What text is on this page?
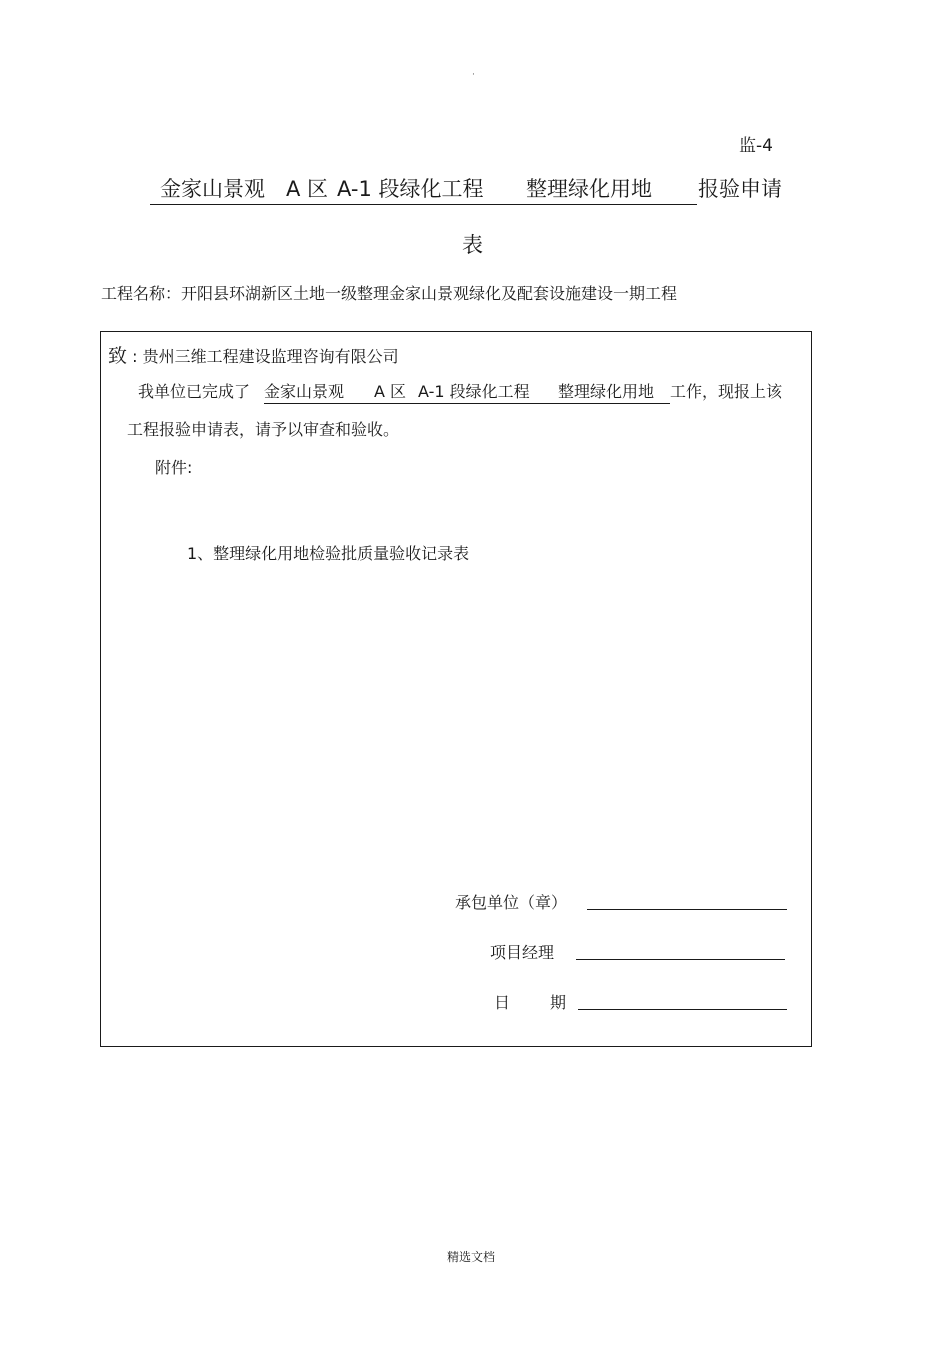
·
监-4
金家山景观 A 区 A-1 段绿化工程 整理绿化用地 报验申请
表
工程名称：开阳县环湖新区土地一级整理金家山景观绿化及配套设施建设一期工程
致 : 贵州三维工程建设监理咨询有限公司
我单位已完成了 金家山景观 A 区 A-1 段绿化工程 整理绿化用地 工作，现报上该
工程报验申请表，请予以审查和验收。
附件:
1、整理绿化用地检验批质量验收记录表
承包单位（章）
项目经理
日 期
精选文档
